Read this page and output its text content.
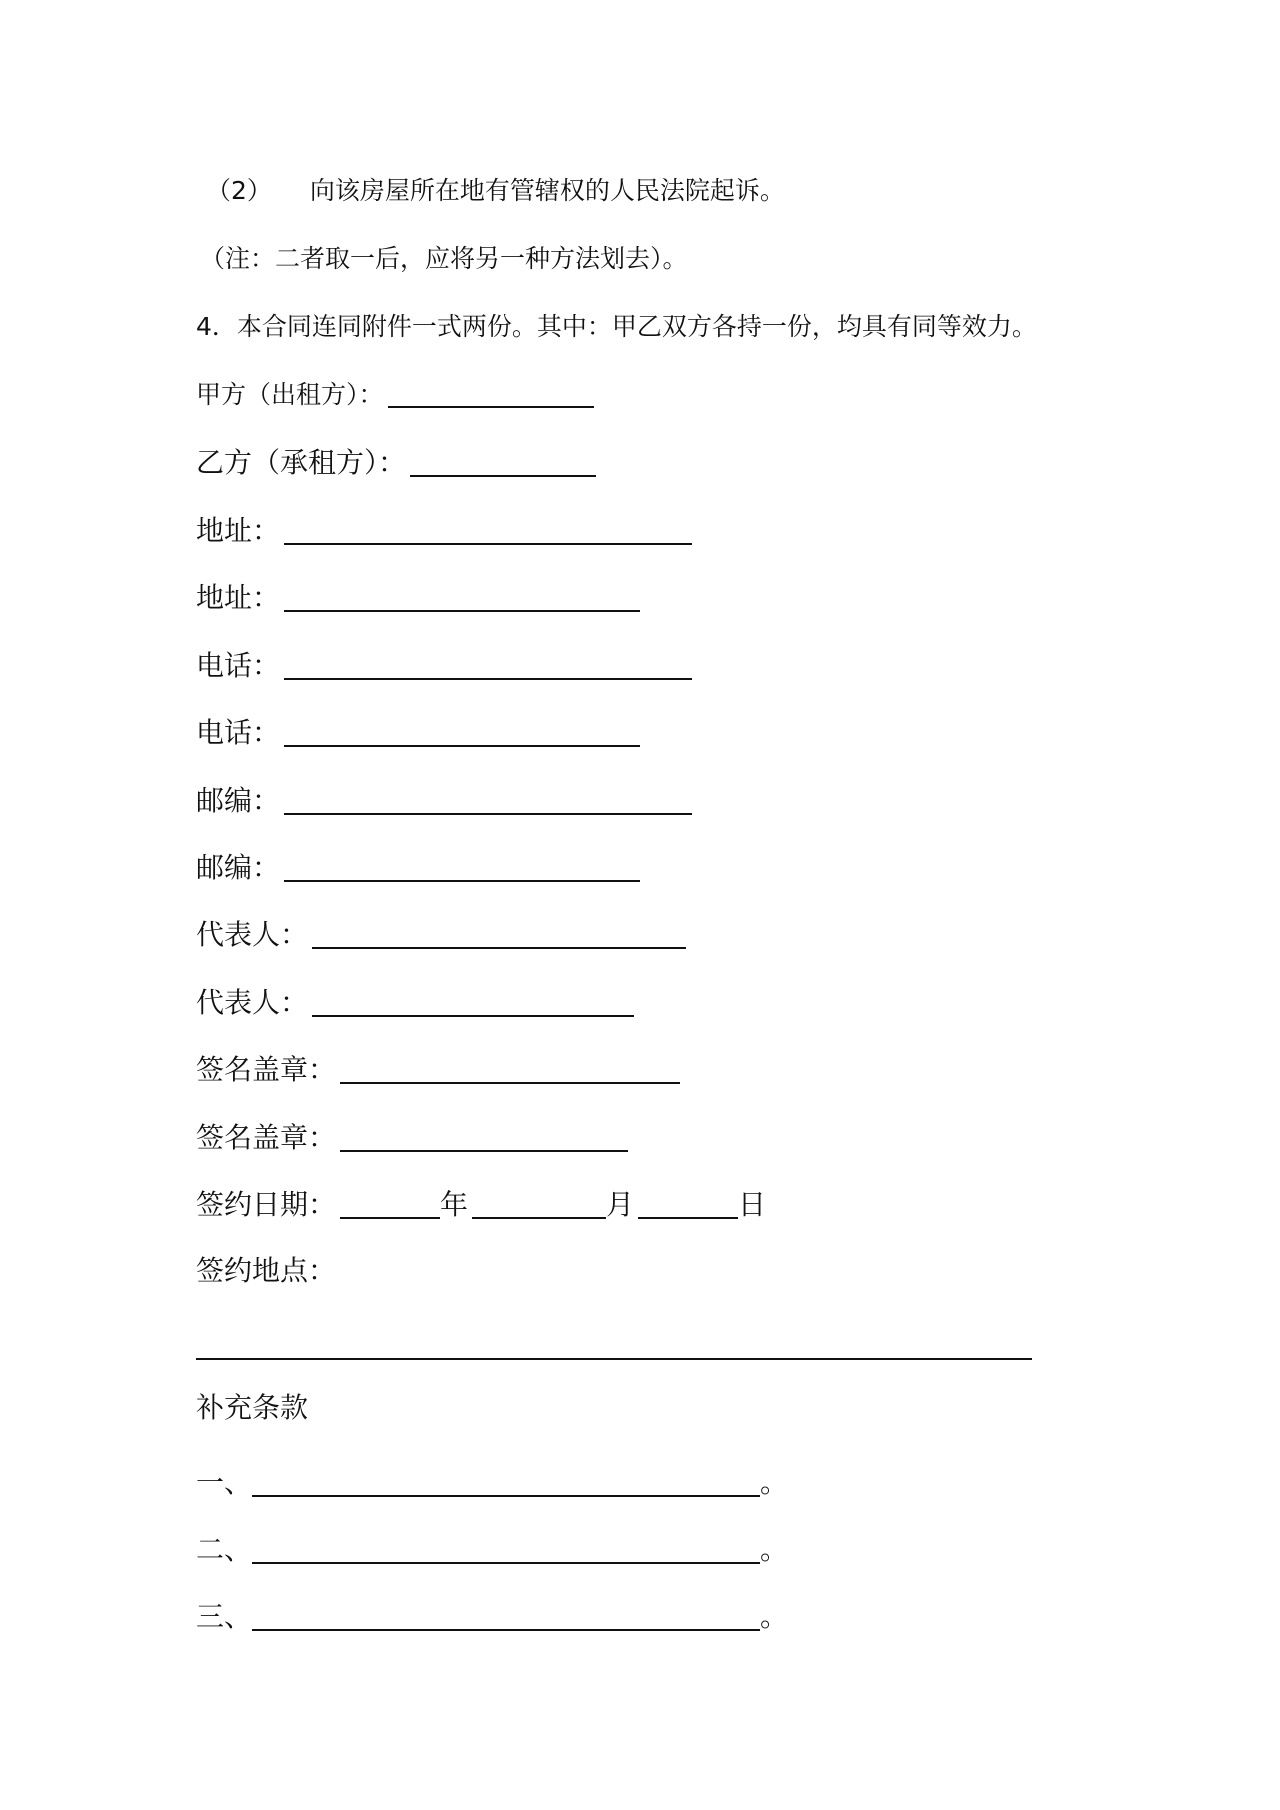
（2） 向该房屋所在地有管辖权的人民法院起诉。
（注：二者取一后，应将另一种方法划去）。
4．本合同连同附件一式两份。其中：甲乙双方各持一份，均具有同等效力。
甲方（出租方）：
乙方（承租方）：
地址：
地址：
电话：
电话：
邮编：
邮编：
代表人：
代表人：
签名盖章：
签名盖章：
签约日期：	年	月	日
签约地点：
补充条款
一、	。
二、	。
三、	。
